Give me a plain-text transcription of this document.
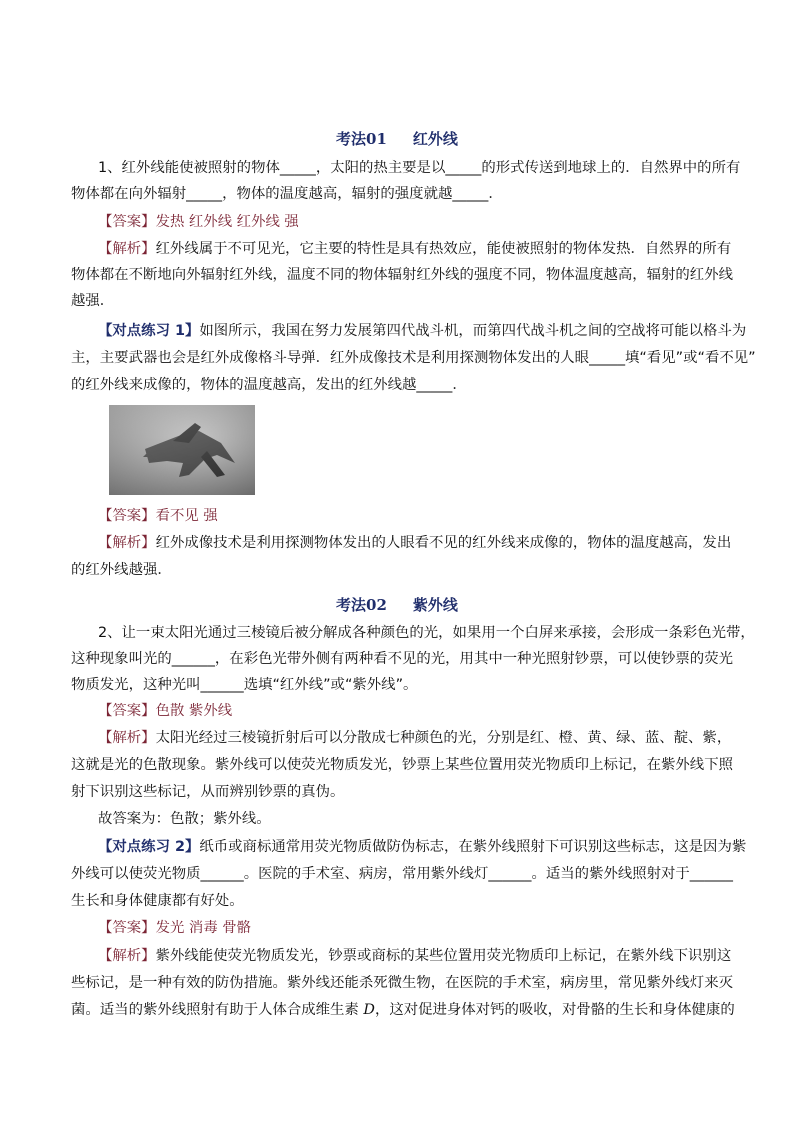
考法01 红外线
1、红外线能使被照射的物体_____，太阳的热主要是以_____的形式传送到地球上的．自然界中的所有
物体都在向外辐射_____，物体的温度越高，辐射的强度就越_____．
【答案】发热 红外线 红外线 强
【解析】红外线属于不可见光，它主要的特性是具有热效应，能使被照射的物体发热．自然界的所有
物体都在不断地向外辐射红外线，温度不同的物体辐射红外线的强度不同，物体温度越高，辐射的红外线
越强．
【对点练习 1】如图所示，我国在努力发展第四代战斗机，而第四代战斗机之间的空战将可能以格斗为
主，主要武器也会是红外成像格斗导弹．红外成像技术是利用探测物体发出的人眼_____填“看见”或“看不见”
的红外线来成像的，物体的温度越高，发出的红外线越_____．
【答案】看不见 强
【解析】红外成像技术是利用探测物体发出的人眼看不见的红外线来成像的，物体的温度越高，发出
的红外线越强．
考法02 紫外线
2、让一束太阳光通过三棱镜后被分解成各种颜色的光，如果用一个白屏来承接，会形成一条彩色光带，
这种现象叫光的______，在彩色光带外侧有两种看不见的光，用其中一种光照射钞票，可以使钞票的荧光
物质发光，这种光叫______选填“红外线”或“紫外线”。
【答案】色散 紫外线
【解析】太阳光经过三棱镜折射后可以分散成七种颜色的光，分别是红、橙、黄、绿、蓝、靛、紫，
这就是光的色散现象。紫外线可以使荧光物质发光，钞票上某些位置用荧光物质印上标记，在紫外线下照
射下识别这些标记，从而辨别钞票的真伪。
故答案为：色散；紫外线。
【对点练习 2】纸币或商标通常用荧光物质做防伪标志，在紫外线照射下可识别这些标志，这是因为紫
外线可以使荧光物质______。医院的手术室、病房，常用紫外线灯______。适当的紫外线照射对于______
生长和身体健康都有好处。
【答案】发光 消毒 骨骼
【解析】紫外线能使荧光物质发光，钞票或商标的某些位置用荧光物质印上标记，在紫外线下识别这
些标记，是一种有效的防伪措施。紫外线还能杀死微生物，在医院的手术室，病房里，常见紫外线灯来灭
菌。适当的紫外线照射有助于人体合成维生素 D，这对促进身体对钙的吸收，对骨骼的生长和身体健康的
